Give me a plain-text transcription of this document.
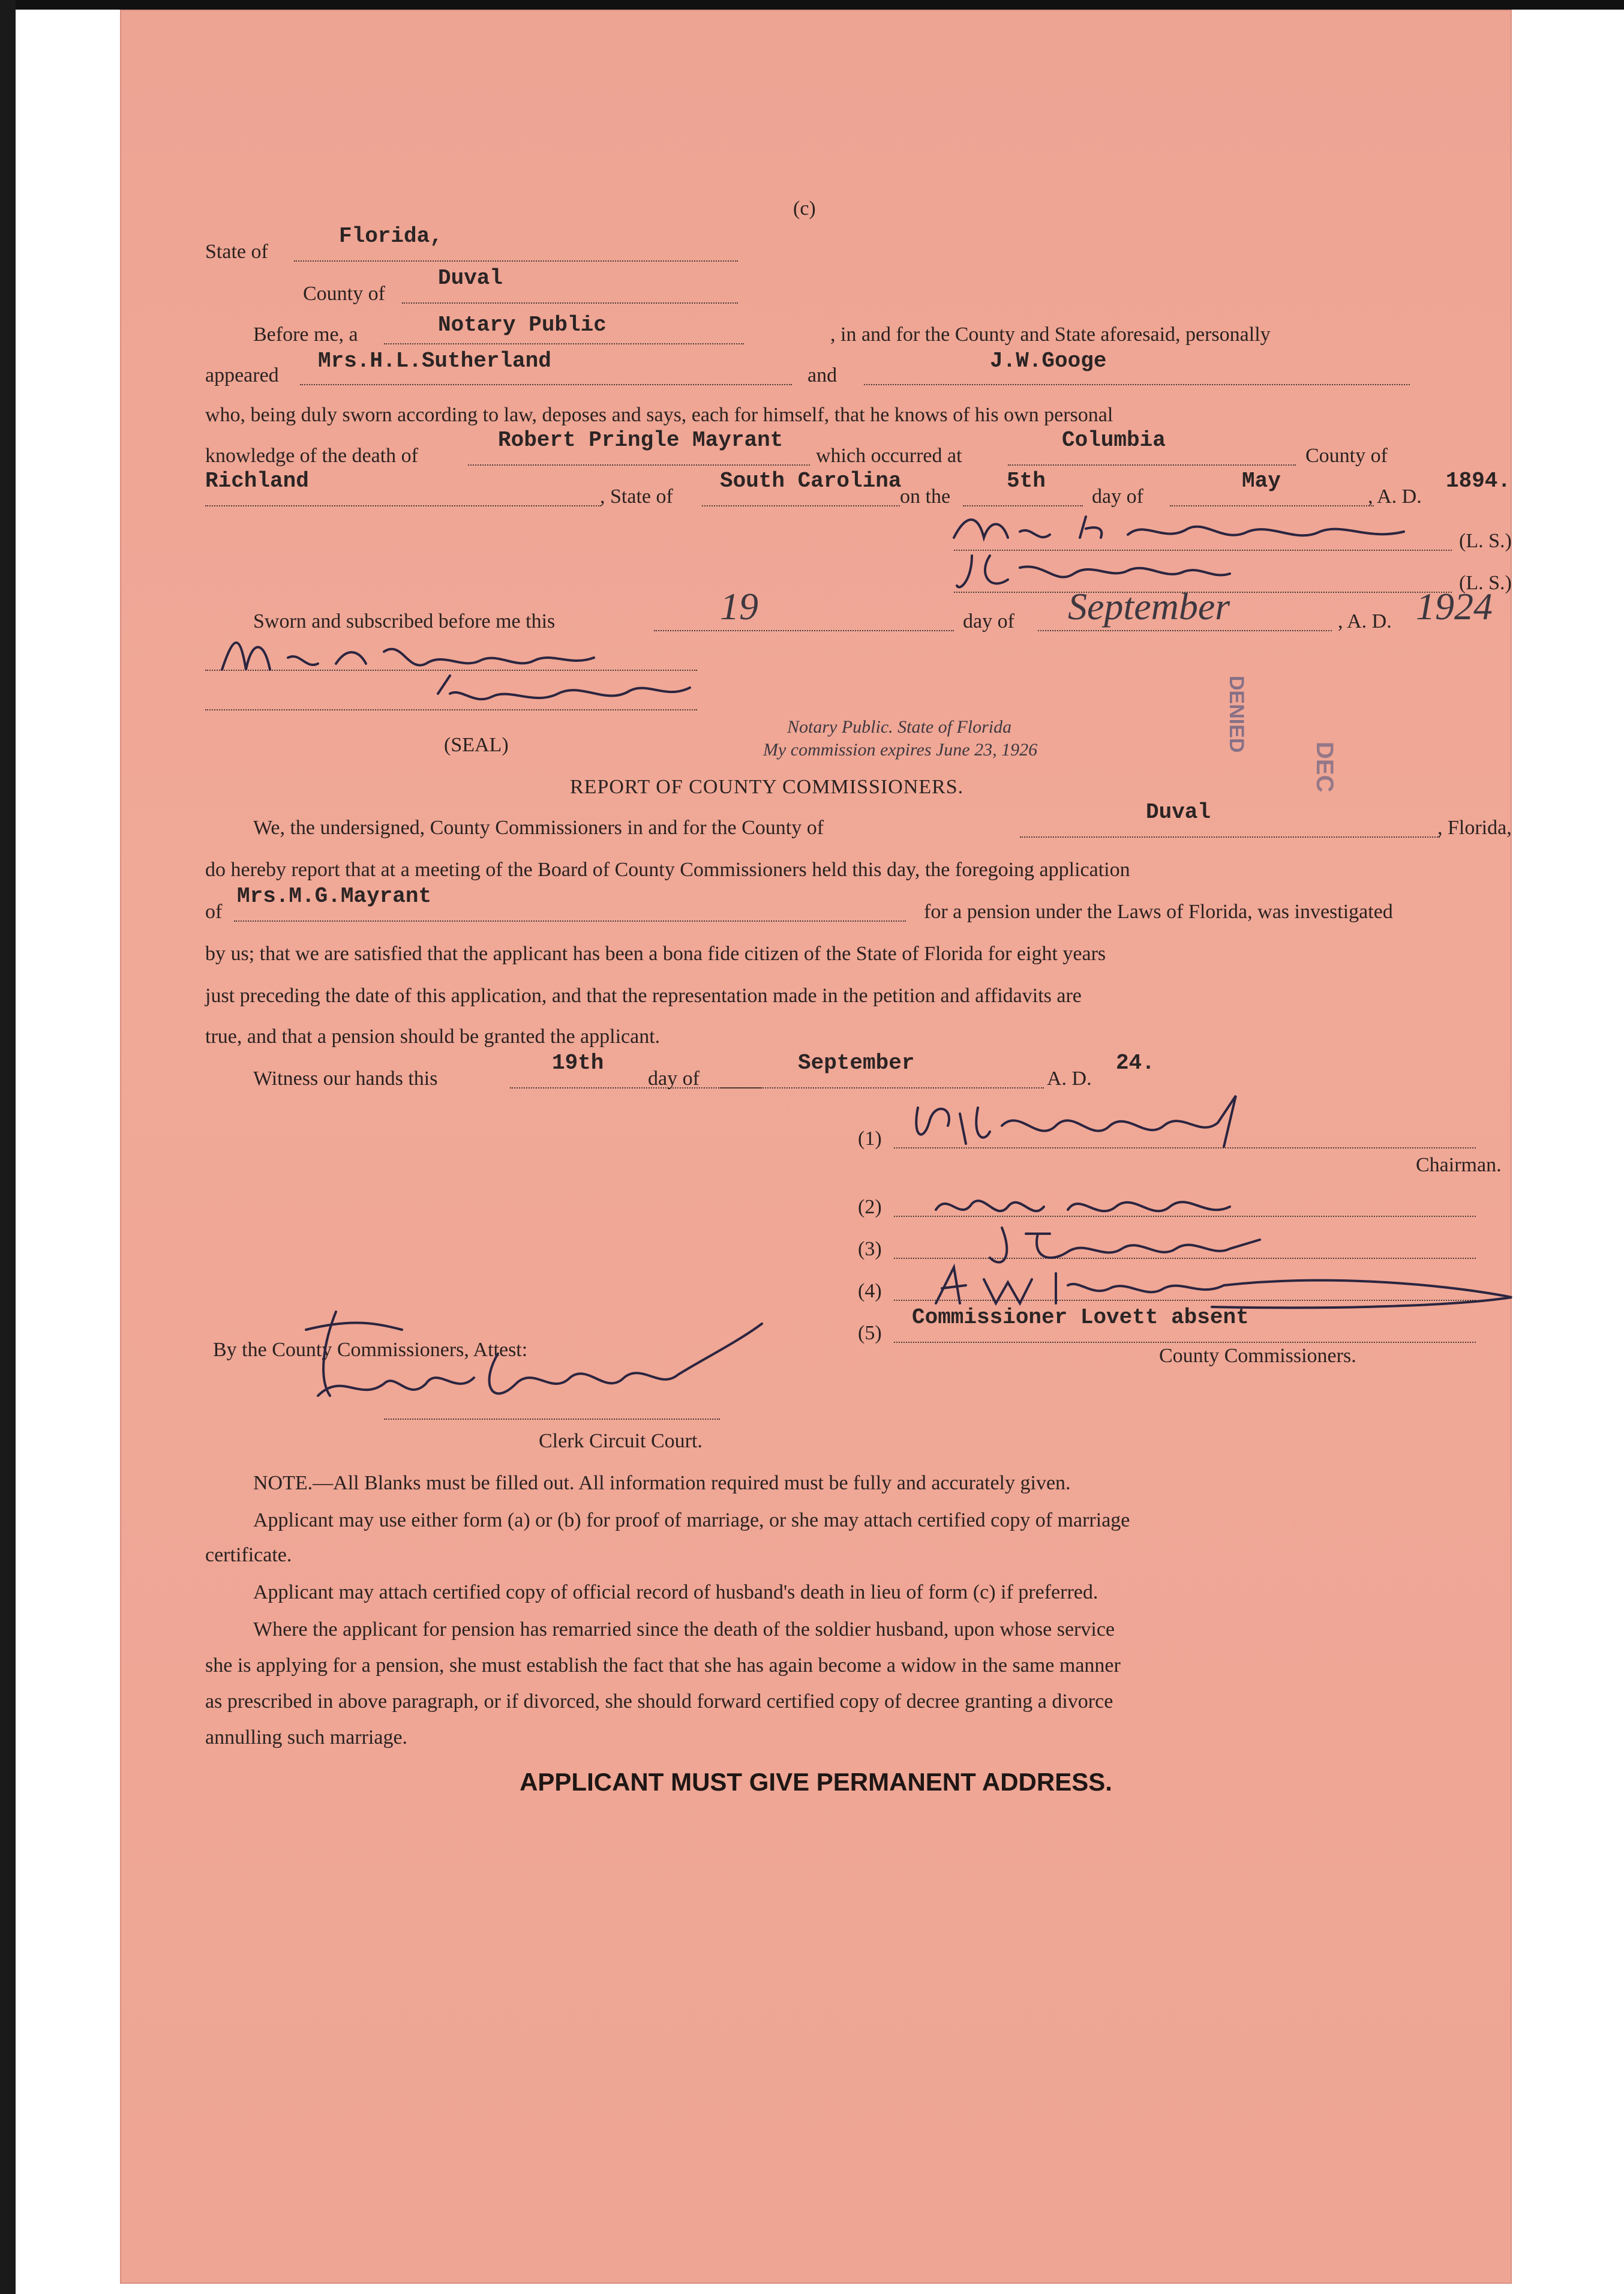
(c)
State of
Florida,
County of
Duval
Before me, a	Notary Public	, in and for the County and State aforesaid, personally
appeared
Mrs.H.L.Sutherland
and
J.W.Googe
who, being duly sworn according to law, deposes and says, each for himself, that he knows of his own personal
knowledge of the death of
Robert Pringle Mayrant
which occurred at
Columbia
County of
Richland
, State of
South Carolina
on the
5th
day of
May
, A. D.
1894.
(L. S.)
(L. S.)
Sworn and subscribed before me this	19	day of September	, A. D. 1924
(SEAL)
Notary Public. State of Florida
My commission expires June 23, 1926	DENIED
DEC
REPORT OF COUNTY COMMISSIONERS.
We, the undersigned, County Commissioners in and for the County of
Duval
, Florida,
do hereby report that at a meeting of the Board of County Commissioners held this day, the foregoing application
of
Mrs.M.G.Mayrant
for a pension under the Laws of Florida, was investigated
by us; that we are satisfied that the applicant has been a bona fide citizen of the State of Florida for eight years
just preceding the date of this application, and that the representation made in the petition and affidavits are
true, and that a pension should be granted the applicant.
Witness our hands this
19th
day of
September
A. D.
24.
(1)
Chairman.
(2)
(3)
(4)
(5)
Commissioner Lovett absent
County Commissioners.
By the County Commissioners, Attest:
Clerk Circuit Court.
NOTE.—All Blanks must be filled out. All information required must be fully and accurately given.
Applicant may use either form (a) or (b) for proof of marriage, or she may attach certified copy of marriage
certificate.
Applicant may attach certified copy of official record of husband's death in lieu of form (c) if preferred.
Where the applicant for pension has remarried since the death of the soldier husband, upon whose service
she is applying for a pension, she must establish the fact that she has again become a widow in the same manner
as prescribed in above paragraph, or if divorced, she should forward certified copy of decree granting a divorce
annulling such marriage.
APPLICANT MUST GIVE PERMANENT ADDRESS.
